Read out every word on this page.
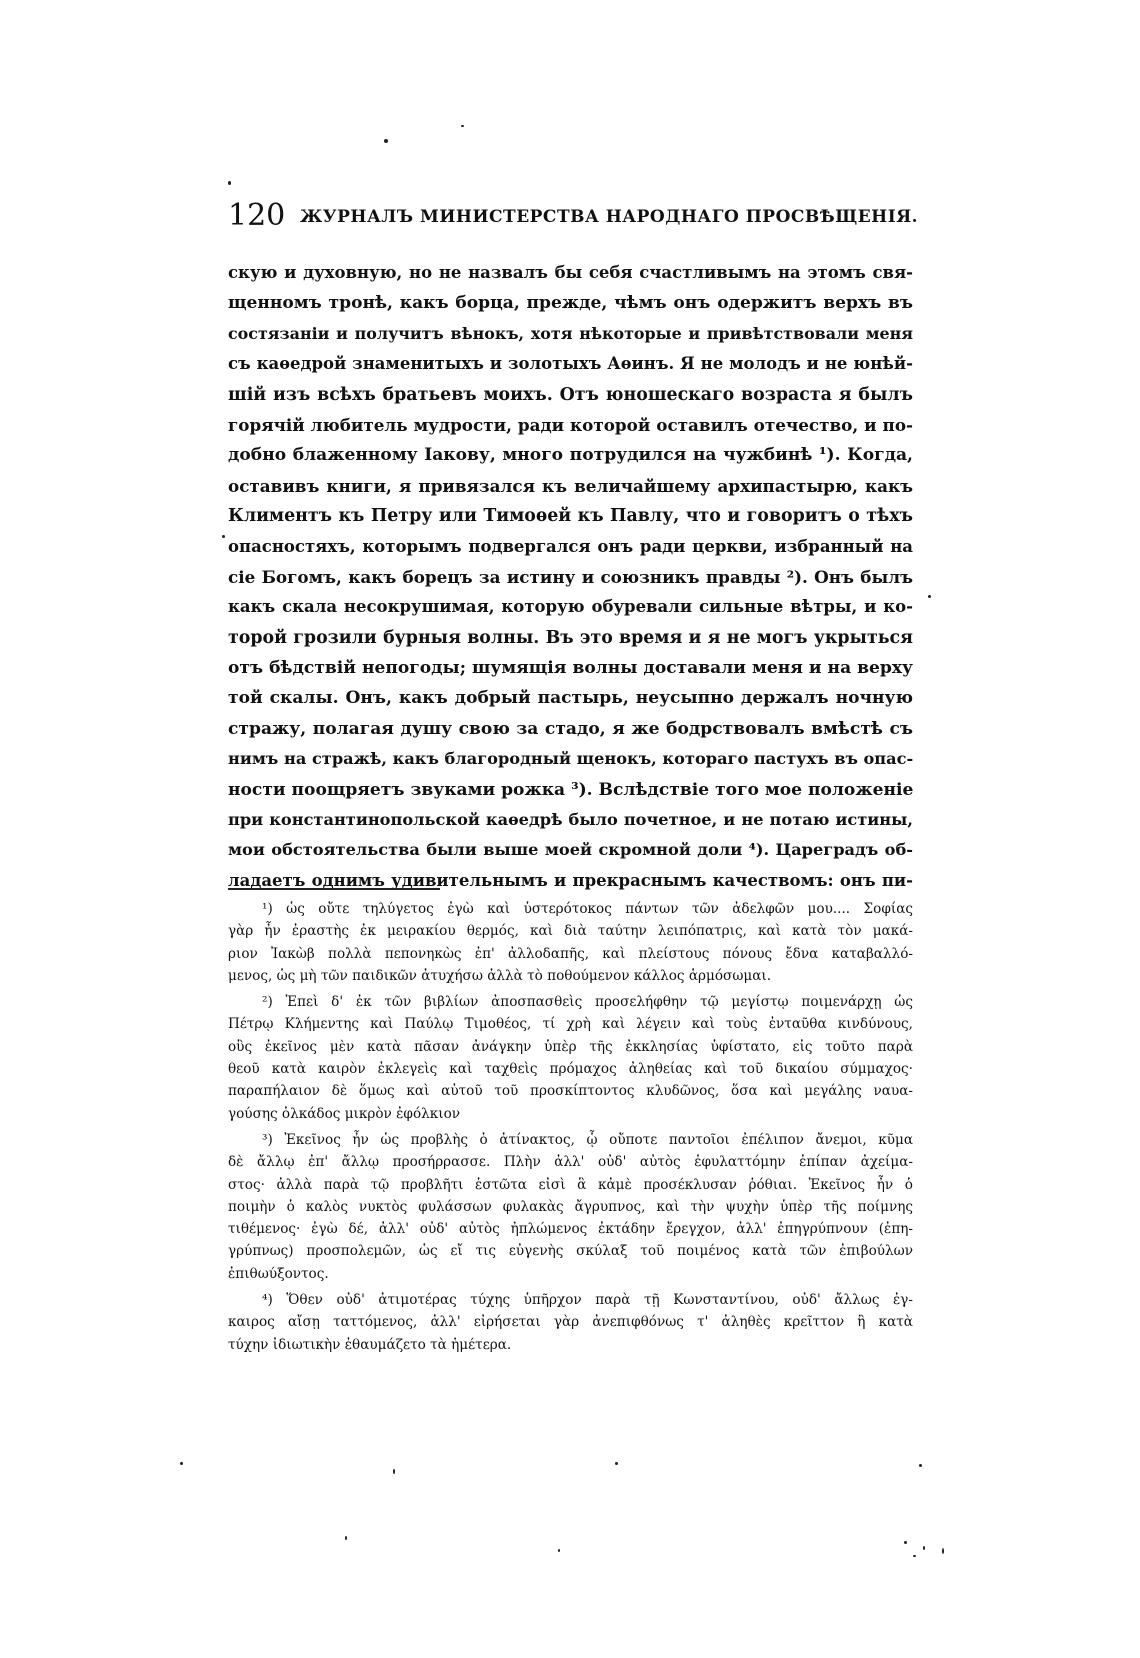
120 ЖУРНАЛЪ МИНИСТЕРСТВА НАРОДНАГО ПРОСВѢЩЕНІЯ.
скую и духовную, но не назвалъ бы себя счастливымъ на этомъ свя-
щенномъ тронѣ, какъ борца, прежде, чѣмъ онъ одержитъ верхъ въ
состязаніи и получитъ вѣнокъ, хотя нѣкоторые и привѣтствовали меня
съ каѳедрой знаменитыхъ и золотыхъ Аѳинъ. Я не молодъ и не юнѣй-
шій изъ всѣхъ братьевъ моихъ. Отъ юношескаго возраста я былъ
горячій любитель мудрости, ради которой оставилъ отечество, и по-
добно блаженному Іакову, много потрудился на чужбинѣ ¹). Когда,
оставивъ книги, я привязался къ величайшему архипастырю, какъ
Климентъ къ Петру или Тимоѳей къ Павлу, что и говоритъ о тѣхъ
опасностяхъ, которымъ подвергался онъ ради церкви, избранный на
сіе Богомъ, какъ борецъ за истину и союзникъ правды ²). Онъ былъ
какъ скала несокрушимая, которую обуревали сильные вѣтры, и ко-
торой грозили бурныя волны. Въ это время и я не могъ укрыться
отъ бѣдствій непогоды; шумящія волны доставали меня и на верху
той скалы. Онъ, какъ добрый пастырь, неусыпно держалъ ночную
стражу, полагая душу свою за стадо, я же бодрствовалъ вмѣстѣ съ
нимъ на стражѣ, какъ благородный щенокъ, котораго пастухъ въ опас-
ности поощряетъ звуками рожка ³). Вслѣдствіе того мое положеніе
при константинопольской каѳедрѣ было почетное, и не потаю истины,
мои обстоятельства были выше моей скромной доли ⁴). Цареградъ об-
ладаетъ однимъ удивительнымъ и прекраснымъ качествомъ: онъ пи-
¹) ὡς οὔτε τηλύγετος ἐγὼ καὶ ὑστερότοκος πάντων τῶν ἀδελφῶν μου.... Σοφίας
γὰρ ἦν ἐραστὴς ἐκ μειρακίου θερμός, καὶ διὰ ταύτην λειπόπατρις, καὶ κατὰ τὸν μακά-
ριον Ἰακὼβ πολλὰ πεπονηκὼς ἐπ' ἀλλοδαπῆς, καὶ πλείστους πόνους ἔδνα καταβαλλό-
μενος, ὡς μὴ τῶν παιδικῶν ἀτυχήσω ἀλλὰ τὸ ποθούμενον κάλλος ἁρμόσωμαι.
²) Ἐπεὶ δ' ἐκ τῶν βιβλίων ἀποσπασθεὶς προσελήφθην τῷ μεγίστῳ ποιμενάρχῃ ὡς
Πέτρῳ Κλήμεντης καὶ Παύλῳ Τιμοθέος, τί χρὴ καὶ λέγειν καὶ τοὺς ἐνταῦθα κινδύνους,
οὓς ἐκεῖνος μὲν κατὰ πᾶσαν ἀνάγκην ὑπὲρ τῆς ἐκκλησίας ὑφίστατο, εἰς τοῦτο παρὰ
θεοῦ κατὰ καιρὸν ἐκλεγεὶς καὶ ταχθεὶς πρόμαχος ἀληθείας καὶ τοῦ δικαίου σύμμαχος·
παραπήλαιον δὲ ὅμως καὶ αὐτοῦ τοῦ προσκίπτοντος κλυδῶνος, ὅσα καὶ μεγάλης ναυα-
γούσης ὁλκάδος μικρὸν ἐφόλκιον
³) Ἐκεῖνος ἦν ὡς προβλὴς ὁ ἀτίνακτος, ᾧ οὔποτε παντοῖοι ἐπέλιπον ἄνεμοι, κῦμα
δὲ ἄλλῳ ἐπ' ἄλλῳ προσήρρασσε. Πλὴν ἀλλ' οὐδ' αὐτὸς ἐφυλαττόμην ἐπίπαν ἀχείμα-
στος· ἀλλὰ παρὰ τῷ προβλῆτι ἑστῶτα εἰσὶ ἃ κἀμὲ προσέκλυσαν ῥόθιαι. Ἐκεῖνος ἦν ὁ
ποιμὴν ὁ καλὸς νυκτὸς φυλάσσων φυλακὰς ἄγρυπνος, καὶ τὴν ψυχὴν ὑπὲρ τῆς ποίμνης
τιθέμενος· ἐγὼ δέ, ἀλλ' οὐδ' αὐτὸς ἠπλώμενος ἐκτάδην ἔρεγχον, ἀλλ' ἐπηγρύπνουν (ἐπη-
γρύπνως) προσπολεμῶν, ὡς εἴ τις εὐγενὴς σκύλαξ τοῦ ποιμένος κατὰ τῶν ἐπιβούλων
ἐπιθωύξοντος.
⁴) Ὅθεν οὐδ' ἀτιμοτέρας τύχης ὑπῆρχον παρὰ τῇ Κωνσταντίνου, οὐδ' ἄλλως ἐγ-
καιρος αἴσῃ ταττόμενος, ἀλλ' εἰρήσεται γὰρ ἀνεπιφθόνως τ' ἀληθὲς κρεῖττον ἢ κατὰ
τύχην ἰδιωτικὴν ἐθαυμάζετο τὰ ἡμέτερα.
